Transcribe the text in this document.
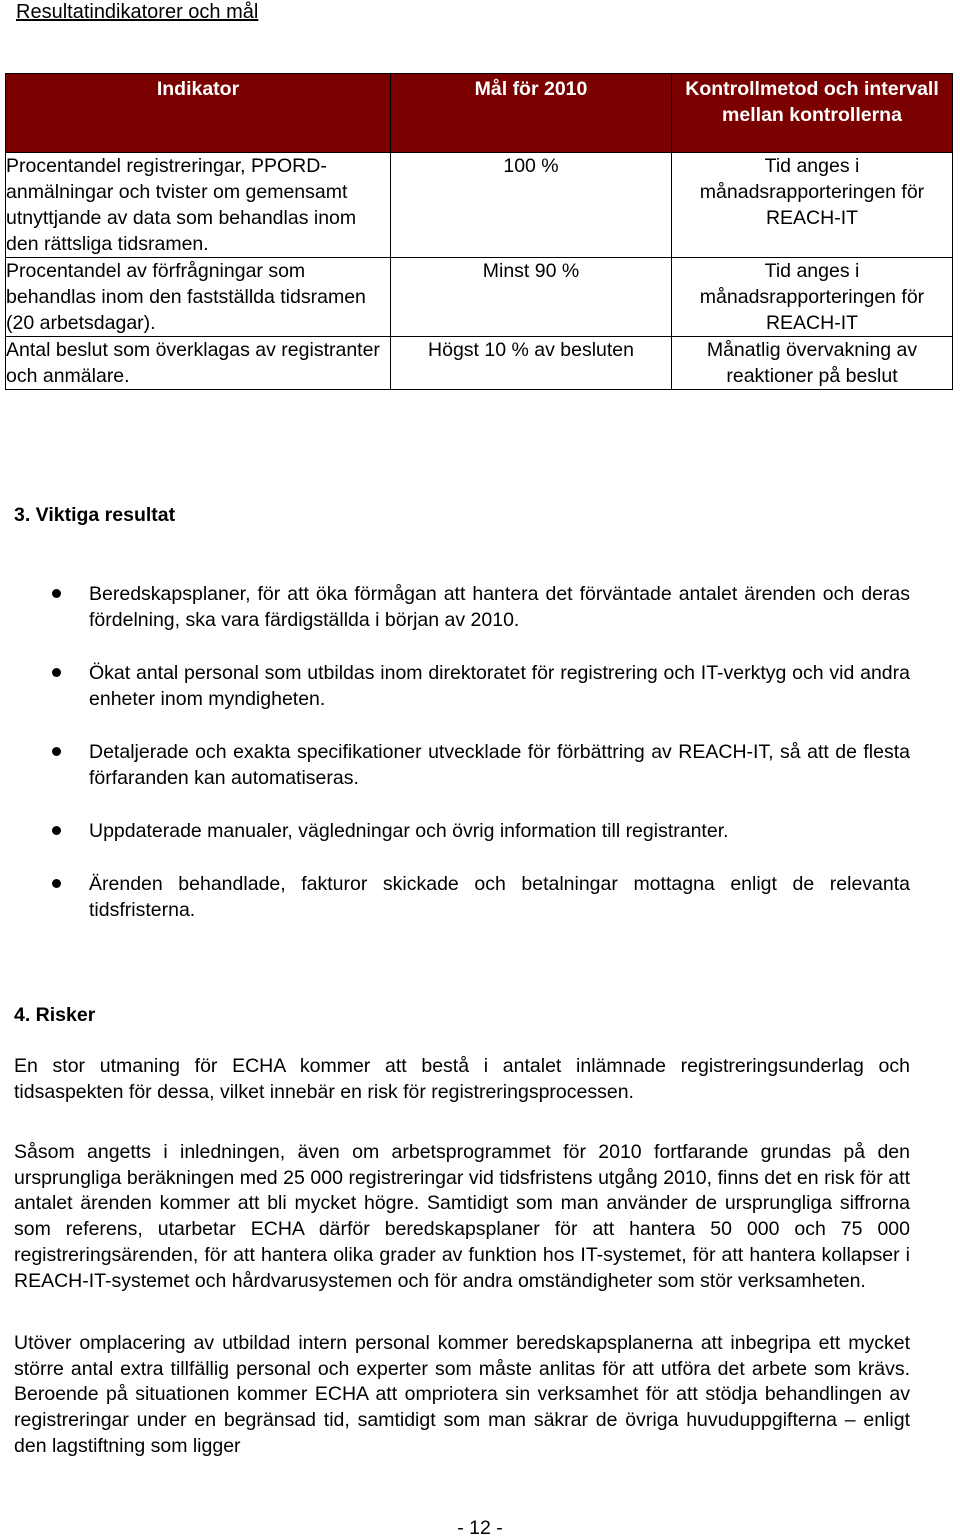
Resultatindikatorer och mål
Indikator	Mål för 2010	Kontrollmetod och intervall mellan kontrollerna
Procentandel registreringar, PPORD-anmälningar och tvister om gemensamt utnyttjande av data som behandlas inom den rättsliga tidsramen.	100 %	Tid anges i månadsrapporteringen för REACH-IT
Procentandel av förfrågningar som behandlas inom den fastställda tidsramen (20 arbetsdagar).	Minst 90 %	Tid anges i månadsrapporteringen för REACH-IT
Antal beslut som överklagas av registranter och anmälare.	Högst 10 % av besluten	Månatlig övervakning av reaktioner på beslut
3. Viktiga resultat
Beredskapsplaner, för att öka förmågan att hantera det förväntade antalet ärenden och deras fördelning, ska vara färdigställda i början av 2010.
Ökat antal personal som utbildas inom direktoratet för registrering och IT-verktyg och vid andra enheter inom myndigheten.
Detaljerade och exakta specifikationer utvecklade för förbättring av REACH-IT, så att de flesta förfaranden kan automatiseras.
Uppdaterade manualer, vägledningar och övrig information till registranter.
Ärenden behandlade, fakturor skickade och betalningar mottagna enligt de relevanta tidsfristerna.
4. Risker

En stor utmaning för ECHA kommer att bestå i antalet inlämnade registreringsunderlag och tidsaspekten för dessa, vilket innebär en risk för registreringsprocessen.

Såsom angetts i inledningen, även om arbetsprogrammet för 2010 fortfarande grundas på den ursprungliga beräkningen med 25 000 registreringar vid tidsfristens utgång 2010, finns det en risk för att antalet ärenden kommer att bli mycket högre. Samtidigt som man använder de ursprungliga siffrorna som referens, utarbetar ECHA därför beredskapsplaner för att hantera 50 000 och 75 000 registreringsärenden, för att hantera olika grader av funktion hos IT-systemet, för att hantera kollapser i REACH-IT-systemet och hårdvarusystemen och för andra omständigheter som stör verksamheten.

Utöver omplacering av utbildad intern personal kommer beredskapsplanerna att inbegripa ett mycket större antal extra tillfällig personal och experter som måste anlitas för att utföra det arbete som krävs. Beroende på situationen kommer ECHA att ompriotera sin verksamhet för att stödja behandlingen av registreringar under en begränsad tid, samtidigt som man säkrar de övriga huvuduppgifterna – enligt den lagstiftning som ligger

- 12 -
